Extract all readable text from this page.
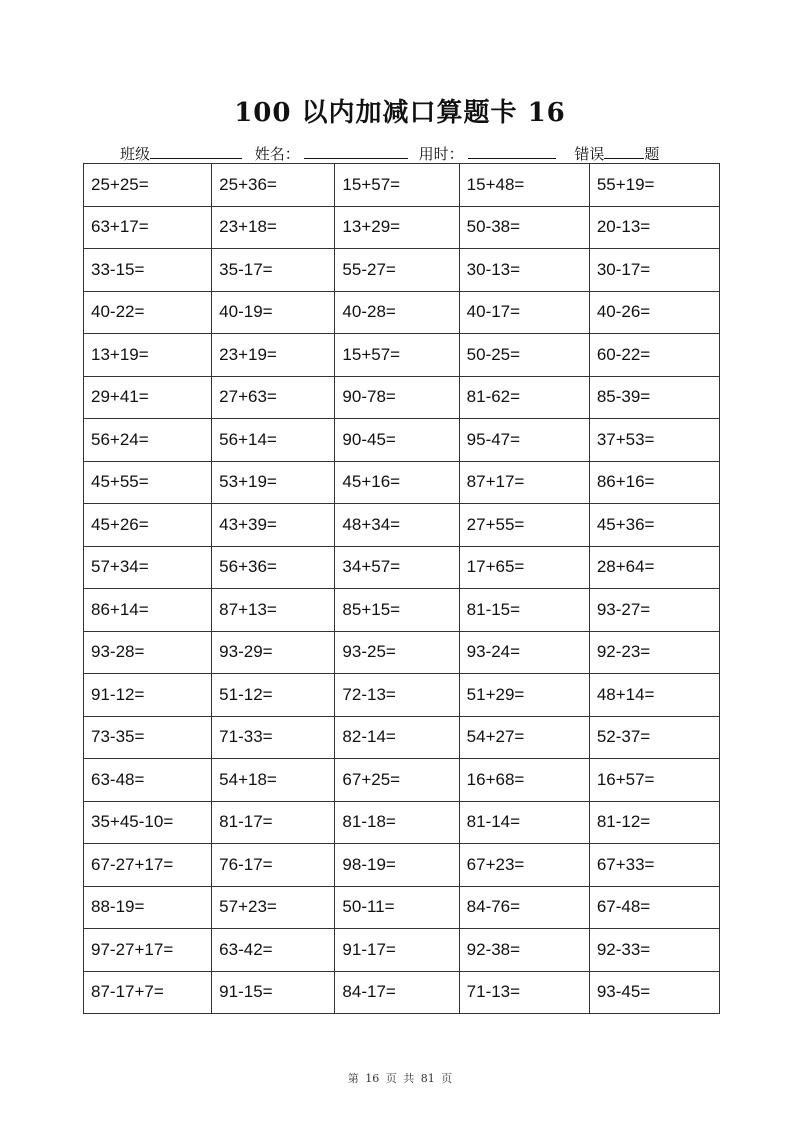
100 以内加减口算题卡 16
班级	姓名：	用时：	错误	题
25+25=	25+36=	15+57=	15+48=	55+19=
63+17=	23+18=	13+29=	50-38=	20-13=
33-15=	35-17=	55-27=	30-13=	30-17=
40-22=	40-19=	40-28=	40-17=	40-26=
13+19=	23+19=	15+57=	50-25=	60-22=
29+41=	27+63=	90-78=	81-62=	85-39=
56+24=	56+14=	90-45=	95-47=	37+53=
45+55=	53+19=	45+16=	87+17=	86+16=
45+26=	43+39=	48+34=	27+55=	45+36=
57+34=	56+36=	34+57=	17+65=	28+64=
86+14=	87+13=	85+15=	81-15=	93-27=
93-28=	93-29=	93-25=	93-24=	92-23=
91-12=	51-12=	72-13=	51+29=	48+14=
73-35=	71-33=	82-14=	54+27=	52-37=
63-48=	54+18=	67+25=	16+68=	16+57=
35+45-10=	81-17=	81-18=	81-14=	81-12=
67-27+17=	76-17=	98-19=	67+23=	67+33=
88-19=	57+23=	50-11=	84-76=	67-48=
97-27+17=	63-42=	91-17=	92-38=	92-33=
87-17+7=	91-15=	84-17=	71-13=	93-45=
第 16 页 共 81 页
